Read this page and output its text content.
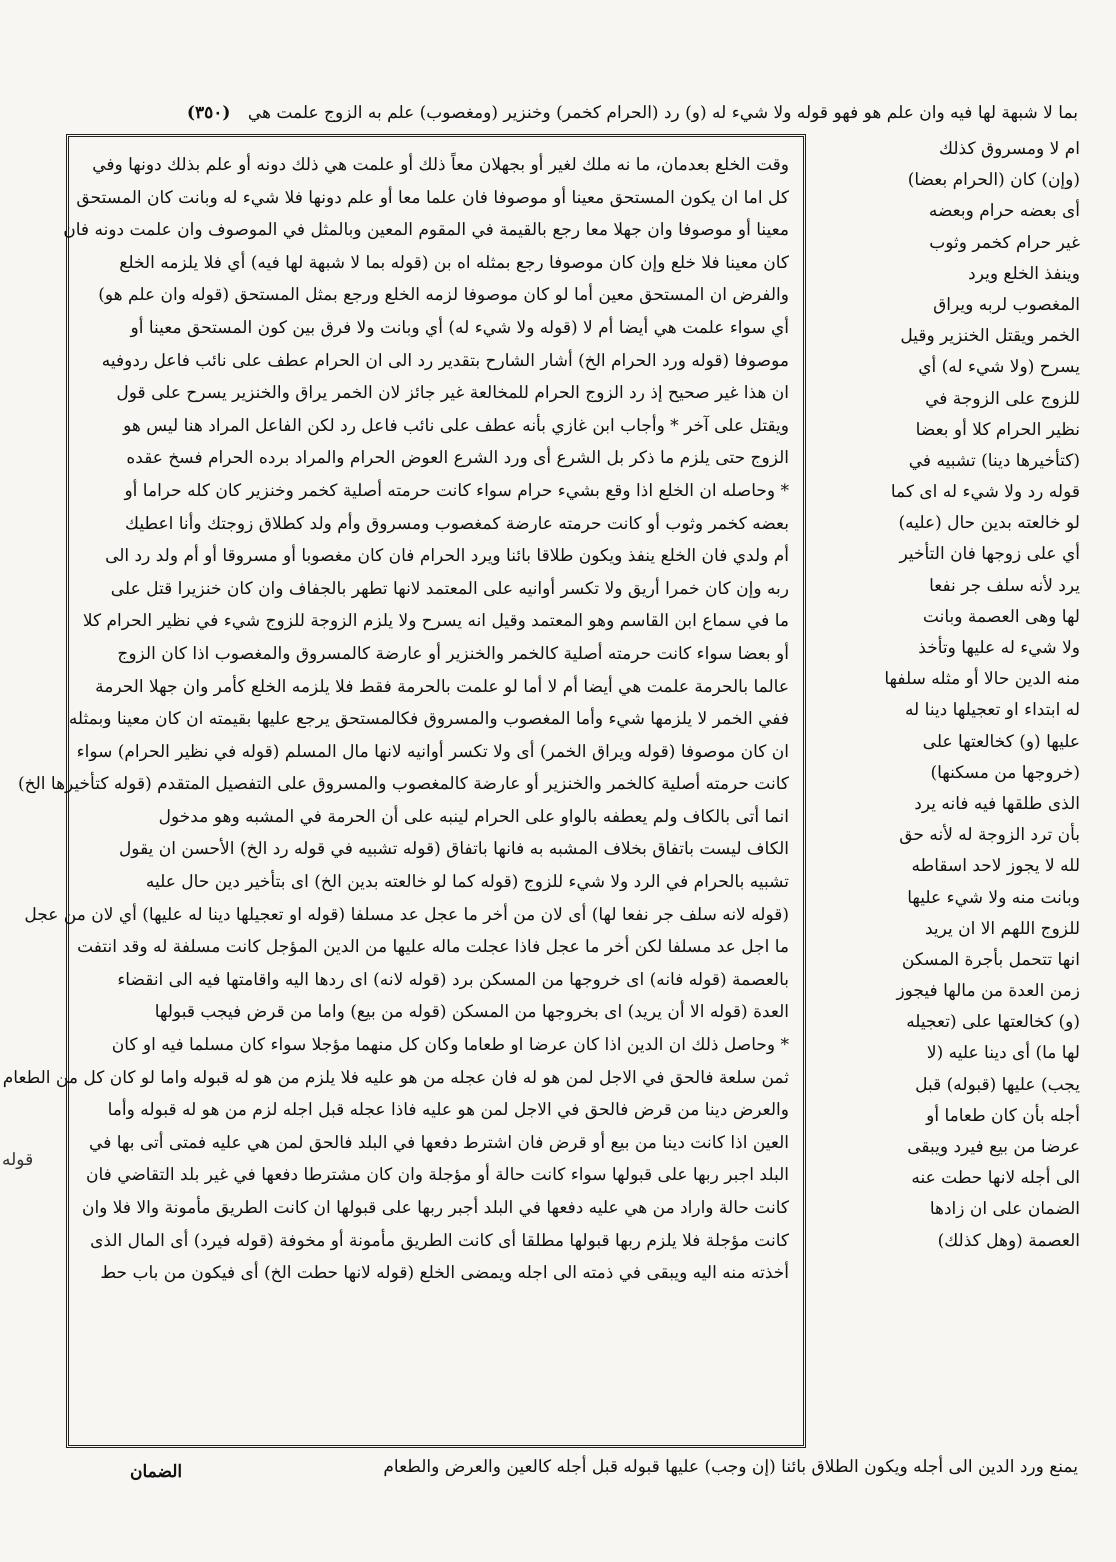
بما لا شبهة لها فيه وان علم هو فهو قوله ولا شيء له (و) رد (الحرام كخمر) وخنزير (ومغصوب) علم به الزوج علمت هي (٣٥٠)
وقت الخلع بعدمان، ما نه ملك لغير أو بجهلان معاً ذلك أو علمت هي ذلك دونه أو علم بذلك دونها وفي
كل اما ان يكون المستحق معينا أو موصوفا فان علما معا أو علم دونها فلا شيء له وبانت كان المستحق
معينا أو موصوفا وان جهلا معا رجع بالقيمة في المقوم المعين وبالمثل في الموصوف وان علمت دونه فان
كان معينا فلا خلع وإن كان موصوفا رجع بمثله اه بن (قوله بما لا شبهة لها فيه) أي فلا يلزمه الخلع
والفرض ان المستحق معين أما لو كان موصوفا لزمه الخلع ورجع بمثل المستحق (قوله وان علم هو)
أي سواء علمت هي أيضا أم لا (قوله ولا شيء له) أي وبانت ولا فرق بين كون المستحق معينا أو
موصوفا (قوله ورد الحرام الخ) أشار الشارح بتقدير رد الى ان الحرام عطف على نائب فاعل ردوفيه
ان هذا غير صحيح إذ رد الزوج الحرام للمخالعة غير جائز لان الخمر يراق والخنزير يسرح على قول
ويقتل على آخر * وأجاب ابن غازي بأنه عطف على نائب فاعل رد لكن الفاعل المراد هنا ليس هو
الزوج حتى يلزم ما ذكر بل الشرع أى ورد الشرع العوض الحرام والمراد برده الحرام فسخ عقده
* وحاصله ان الخلع اذا وقع بشيء حرام سواء كانت حرمته أصلية كخمر وخنزير كان كله حراما أو
بعضه كخمر وثوب أو كانت حرمته عارضة كمغصوب ومسروق وأم ولد كطلاق زوجتك وأنا اعطيك
أم ولدي فان الخلع ينفذ ويكون طلاقا بائنا ويرد الحرام فان كان مغصوبا أو مسروقا أو أم ولد رد الى
ربه وإن كان خمرا أريق ولا تكسر أوانيه على المعتمد لانها تطهر بالجفاف وان كان خنزيرا قتل على
ما في سماع ابن القاسم وهو المعتمد وقيل انه يسرح ولا يلزم الزوجة للزوج شيء في نظير الحرام كلا
أو بعضا سواء كانت حرمته أصلية كالخمر والخنزير أو عارضة كالمسروق والمغصوب اذا كان الزوج
عالما بالحرمة علمت هي أيضا أم لا أما لو علمت بالحرمة فقط فلا يلزمه الخلع كأمر وان جهلا الحرمة
ففي الخمر لا يلزمها شيء وأما المغصوب والمسروق فكالمستحق يرجع عليها بقيمته ان كان معينا وبمثله
ان كان موصوفا (قوله ويراق الخمر) أى ولا تكسر أوانيه لانها مال المسلم (قوله في نظير الحرام) سواء
كانت حرمته أصلية كالخمر والخنزير أو عارضة كالمغصوب والمسروق على التفصيل المتقدم (قوله كتأخيرها الخ)
انما أتى بالكاف ولم يعطفه بالواو على الحرام لينبه على أن الحرمة في المشبه وهو مدخول
الكاف ليست باتفاق بخلاف المشبه به فانها باتفاق (قوله تشبيه في قوله رد الخ) الأحسن ان يقول
تشبيه بالحرام في الرد ولا شيء للزوج (قوله كما لو خالعته بدين الخ) اى بتأخير دين حال عليه
(قوله لانه سلف جر نفعا لها) أى لان من أخر ما عجل عد مسلفا (قوله او تعجيلها دينا له عليها) أي لان من عجل
ما اجل عد مسلفا لكن أخر ما عجل فاذا عجلت ماله عليها من الدين المؤجل كانت مسلفة له وقد انتفت
بالعصمة (قوله فانه) اى خروجها من المسكن برد (قوله لانه) اى ردها اليه واقامتها فيه الى انقضاء
العدة (قوله الا أن يريد) اى بخروجها من المسكن (قوله من بيع) واما من قرض فيجب قبولها
* وحاصل ذلك ان الدين اذا كان عرضا او طعاما وكان كل منهما مؤجلا سواء كان مسلما فيه او كان
ثمن سلعة فالحق في الاجل لمن هو له فان عجله من هو عليه فلا يلزم من هو له قبوله واما لو كان كل من الطعام
والعرض دينا من قرض فالحق في الاجل لمن هو عليه فاذا عجله قبل اجله لزم من هو له قبوله وأما
العين اذا كانت دينا من بيع أو قرض فان اشترط دفعها في البلد فالحق لمن هي عليه فمتى أتى بها في
البلد اجبر ربها على قبولها سواء كانت حالة أو مؤجلة وان كان مشترطا دفعها في غير بلد التقاضي فان
كانت حالة واراد من هي عليه دفعها في البلد أجبر ربها على قبولها ان كانت الطريق مأمونة والا فلا وان
كانت مؤجلة فلا يلزم ربها قبولها مطلقا أى كانت الطريق مأمونة أو مخوفة (قوله فيرد) أى المال الذى
أخذته منه اليه ويبقى في ذمته الى اجله ويمضى الخلع (قوله لانها حطت الخ) أى فيكون من باب حط
ام لا ومسروق كذلك
(وإن) كان (الحرام بعضا)
أى بعضه حرام وبعضه
غير حرام كخمر وثوب
وينفذ الخلع ويرد
المغصوب لربه ويراق
الخمر ويقتل الخنزير وقيل
يسرح (ولا شيء له) أي
للزوج على الزوجة في
نظير الحرام كلا أو بعضا
(كتأخيرها دينا) تشبيه في
قوله رد ولا شيء له اى كما
لو خالعته بدين حال (عليه)
أي على زوجها فان التأخير
يرد لأنه سلف جر نفعا
لها وهى العصمة وبانت
ولا شيء له عليها وتأخذ
منه الدين حالا أو مثله سلفها
له ابتداء او تعجيلها دينا له
عليها (و) كخالعتها على
(خروجها من مسكنها)
الذى طلقها فيه فانه يرد
بأن ترد الزوجة له لأنه حق
لله لا يجوز لاحد اسقاطه
وبانت منه ولا شيء عليها
للزوج اللهم الا ان يريد
انها تتحمل بأجرة المسكن
زمن العدة من مالها فيجوز
(و) كخالعتها على (تعجيله
لها ما) أى دينا عليه (لا
يجب) عليها (قبوله) قبل
أجله بأن كان طعاما أو
عرضا من بيع فيرد ويبقى
الى أجله لانها حطت عنه
الضمان على ان زادها
العصمة (وهل كذلك)
يمنع ورد الدين الى أجله ويكون الطلاق بائنا (إن وجب) عليها قبوله قبل أجله كالعين والعرض والطعام
الضمان
قوله
